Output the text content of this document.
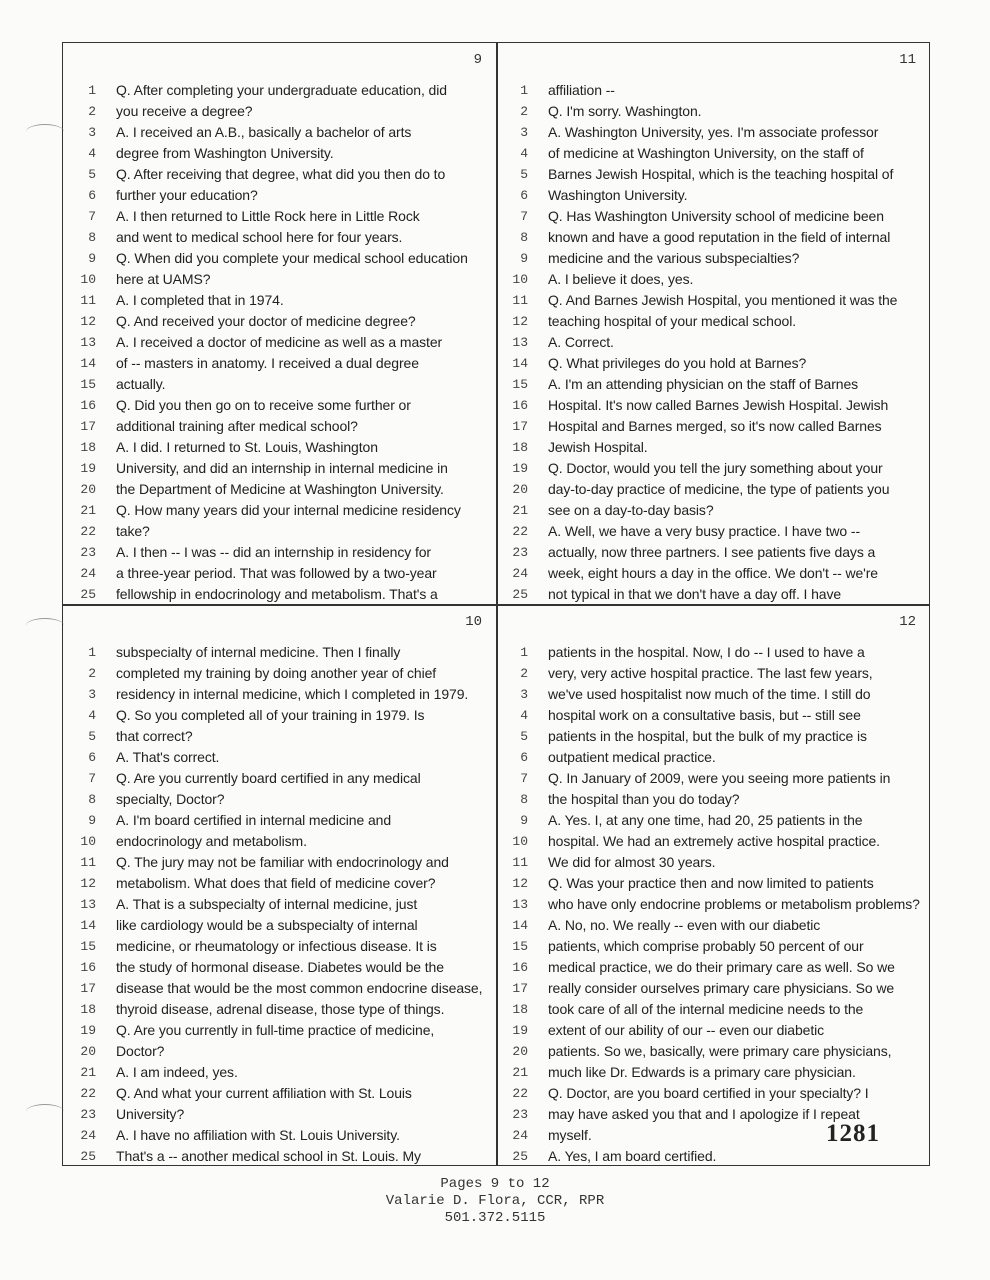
9
1 Q. After completing your undergraduate education, did
2 you receive a degree?
3 A. I received an A.B., basically a bachelor of arts
4 degree from Washington University.
5 Q. After receiving that degree, what did you then do to
6 further your education?
7 A. I then returned to Little Rock here in Little Rock
8 and went to medical school here for four years.
9 Q. When did you complete your medical school education
10 here at UAMS?
11 A. I completed that in 1974.
12 Q. And received your doctor of medicine degree?
13 A. I received a doctor of medicine as well as a master
14 of -- masters in anatomy. I received a dual degree
15 actually.
16 Q. Did you then go on to receive some further or
17 additional training after medical school?
18 A. I did. I returned to St. Louis, Washington
19 University, and did an internship in internal medicine in
20 the Department of Medicine at Washington University.
21 Q. How many years did your internal medicine residency
22 take?
23 A. I then -- I was -- did an internship in residency for
24 a three-year period. That was followed by a two-year
25 fellowship in endocrinology and metabolism. That's a
11
1 affiliation --
2 Q. I'm sorry. Washington.
3 A. Washington University, yes. I'm associate professor
4 of medicine at Washington University, on the staff of
5 Barnes Jewish Hospital, which is the teaching hospital of
6 Washington University.
7 Q. Has Washington University school of medicine been
8 known and have a good reputation in the field of internal
9 medicine and the various subspecialties?
10 A. I believe it does, yes.
11 Q. And Barnes Jewish Hospital, you mentioned it was the
12 teaching hospital of your medical school.
13 A. Correct.
14 Q. What privileges do you hold at Barnes?
15 A. I'm an attending physician on the staff of Barnes
16 Hospital. It's now called Barnes Jewish Hospital. Jewish
17 Hospital and Barnes merged, so it's now called Barnes
18 Jewish Hospital.
19 Q. Doctor, would you tell the jury something about your
20 day-to-day practice of medicine, the type of patients you
21 see on a day-to-day basis?
22 A. Well, we have a very busy practice. I have two --
23 actually, now three partners. I see patients five days a
24 week, eight hours a day in the office. We don't -- we're
25 not typical in that we don't have a day off. I have
10
1 subspecialty of internal medicine. Then I finally
2 completed my training by doing another year of chief
3 residency in internal medicine, which I completed in 1979.
4 Q. So you completed all of your training in 1979. Is
5 that correct?
6 A. That's correct.
7 Q. Are you currently board certified in any medical
8 specialty, Doctor?
9 A. I'm board certified in internal medicine and
10 endocrinology and metabolism.
11 Q. The jury may not be familiar with endocrinology and
12 metabolism. What does that field of medicine cover?
13 A. That is a subspecialty of internal medicine, just
14 like cardiology would be a subspecialty of internal
15 medicine, or rheumatology or infectious disease. It is
16 the study of hormonal disease. Diabetes would be the
17 disease that would be the most common endocrine disease,
18 thyroid disease, adrenal disease, those type of things.
19 Q. Are you currently in full-time practice of medicine,
20 Doctor?
21 A. I am indeed, yes.
22 Q. And what your current affiliation with St. Louis
23 University?
24 A. I have no affiliation with St. Louis University.
25 That's a -- another medical school in St. Louis. My
12
1 patients in the hospital. Now, I do -- I used to have a
2 very, very active hospital practice. The last few years,
3 we've used hospitalist now much of the time. I still do
4 hospital work on a consultative basis, but -- still see
5 patients in the hospital, but the bulk of my practice is
6 outpatient medical practice.
7 Q. In January of 2009, were you seeing more patients in
8 the hospital than you do today?
9 A. Yes. I, at any one time, had 20, 25 patients in the
10 hospital. We had an extremely active hospital practice.
11 We did for almost 30 years.
12 Q. Was your practice then and now limited to patients
13 who have only endocrine problems or metabolism problems?
14 A. No, no. We really -- even with our diabetic
15 patients, which comprise probably 50 percent of our
16 medical practice, we do their primary care as well. So we
17 really consider ourselves primary care physicians. So we
18 took care of all of the internal medicine needs to the
19 extent of our ability of our -- even our diabetic
20 patients. So we, basically, were primary care physicians,
21 much like Dr. Edwards is a primary care physician.
22 Q. Doctor, are you board certified in your specialty? I
23 may have asked you that and I apologize if I repeat
24 myself.
25 A. Yes, I am board certified.
1281
Pages 9 to 12
Valarie D. Flora, CCR, RPR
501.372.5115
